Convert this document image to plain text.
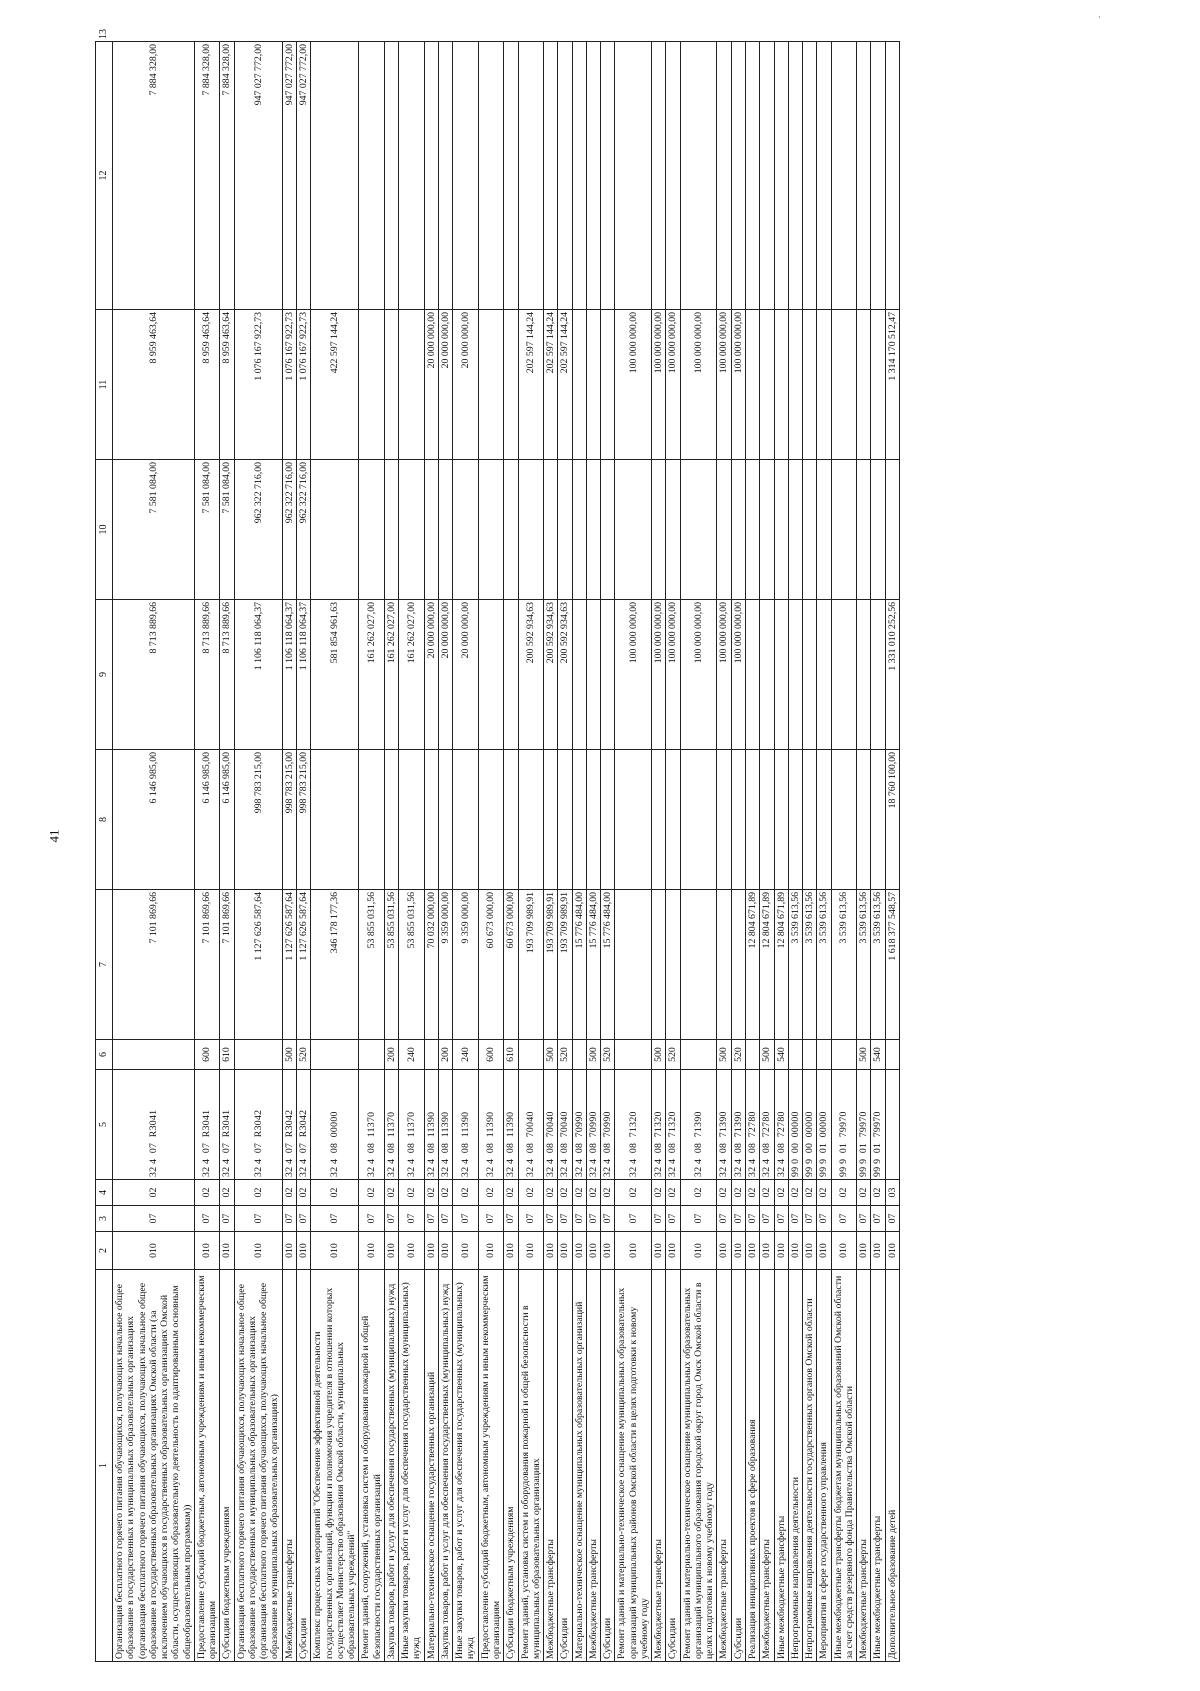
41
·
1	2	3	4	5	6	7	8	9	10	11	12	13
Организация бесплатного горячего питания обучающихся, получающих начальное общее образование в государственных и муниципальных образовательных организациях (организация бесплатного горячего питания обучающихся, получающих начальное общее образование в государственных образовательных организациях Омской области (за исключением обучающихся в государственных образовательных организациях Омской области, осуществляющих образовательную деятельность по адаптированным основным общеобразовательным программам))	010	07	02	32 4  07  R3041		7 101 869,66	6 146 985,00	8 713 889,66	7 581 084,00	8 959 463,64	7 884 328,00	
Предоставление субсидий бюджетным, автономным учреждениям и иным некоммерческим организациям	010	07	02	32 4  07  R3041	600	7 101 869,66	6 146 985,00	8 713 889,66	7 581 084,00	8 959 463,64	7 884 328,00	
Субсидии бюджетным учреждениям	010	07	02	32 4  07  R3041	610	7 101 869,66	6 146 985,00	8 713 889,66	7 581 084,00	8 959 463,64	7 884 328,00	
Организация бесплатного горячего питания обучающихся, получающих начальное общее образование в государственных и муниципальных образовательных организациях (организация бесплатного горячего питания обучающихся, получающих начальное общее образование в муниципальных образовательных организациях)	010	07	02	32 4  07  R3042		1 127 626 587,64	998 783 215,00	1 106 118 064,37	962 322 716,00	1 076 167 922,73	947 027 772,00	
Межбюджетные трансферты	010	07	02	32 4  07  R3042	500	1 127 626 587,64	998 783 215,00	1 106 118 064,37	962 322 716,00	1 076 167 922,73	947 027 772,00	
Субсидии	010	07	02	32 4  07  R3042	520	1 127 626 587,64	998 783 215,00	1 106 118 064,37	962 322 716,00	1 076 167 922,73	947 027 772,00	
Комплекс процессных мероприятий "Обеспечение эффективной деятельности государственных организаций, функции и полномочия учредителя в отношении которых осуществляет Министерство образования Омской области, муниципальных образовательных учреждений"	010	07	02	32 4  08  00000		346 178 177,36		581 854 961,63		422 597 144,24		
Ремонт зданий, сооружений, установка систем и оборудования пожарной и общей безопасности государственных организаций	010	07	02	32 4  08  11370		53 855 031,56		161 262 027,00				
Закупка товаров, работ и услуг для обеспечения государственных (муниципальных) нужд	010	07	02	32 4  08  11370	200	53 855 031,56		161 262 027,00				
Иные закупки товаров, работ и услуг для обеспечения государственных (муниципальных) нужд	010	07	02	32 4  08  11370	240	53 855 031,56		161 262 027,00				
Материально-техническое оснащение государственных организаций	010	07	02	32 4  08  11390		70 032 000,00		20 000 000,00		20 000 000,00		
Закупка товаров, работ и услуг для обеспечения государственных (муниципальных) нужд	010	07	02	32 4  08  11390	200	9 359 000,00		20 000 000,00		20 000 000,00		
Иные закупки товаров, работ и услуг для обеспечения государственных (муниципальных) нужд	010	07	02	32 4  08  11390	240	9 359 000,00		20 000 000,00		20 000 000,00		
Предоставление субсидий бюджетным, автономным учреждениям и иным некоммерческим организациям	010	07	02	32 4  08  11390	600	60 673 000,00						
Субсидии бюджетным учреждениям	010	07	02	32 4  08  11390	610	60 673 000,00						
Ремонт зданий, установка систем и оборудования пожарной и общей безопасности в муниципальных образовательных организациях	010	07	02	32 4  08  70040		193 709 989,91		200 592 934,63		202 597 144,24		
Межбюджетные трансферты	010	07	02	32 4  08  70040	500	193 709 989,91		200 592 934,63		202 597 144,24		
Субсидии	010	07	02	32 4  08  70040	520	193 709 989,91		200 592 934,63		202 597 144,24		
Материально-техническое оснащение муниципальных образовательных организаций	010	07	02	32 4  08  70990		15 776 484,00						
Межбюджетные трансферты	010	07	02	32 4  08  70990	500	15 776 484,00						
Субсидии	010	07	02	32 4  08  70990	520	15 776 484,00						
Ремонт зданий и материально-техническое оснащение муниципальных образовательных организаций муниципальных районов Омской области в целях подготовки к новому учебному году	010	07	02	32 4  08  71320				100 000 000,00		100 000 000,00		
Межбюджетные трансферты	010	07	02	32 4  08  71320	500			100 000 000,00		100 000 000,00		
Субсидии	010	07	02	32 4  08  71320	520			100 000 000,00		100 000 000,00		
Ремонт зданий и материально-техническое оснащение муниципальных образовательных организаций муниципального образования городской округ город Омск Омской области в целях подготовки к новому учебному году	010	07	02	32 4  08  71390				100 000 000,00		100 000 000,00		
Межбюджетные трансферты	010	07	02	32 4  08  71390	500			100 000 000,00		100 000 000,00		
Субсидии	010	07	02	32 4  08  71390	520			100 000 000,00		100 000 000,00		
Реализация инициативных проектов в сфере образования	010	07	02	32 4  08  72780		12 804 671,89						
Межбюджетные трансферты	010	07	02	32 4  08  72780	500	12 804 671,89						
Иные межбюджетные трансферты	010	07	02	32 4  08  72780	540	12 804 671,89						
Непрограммные направления деятельности	010	07	02	99 0  00  00000		3 539 613,56						
Непрограммные направления деятельности государственных органов Омской области	010	07	02	99 9  00  00000		3 539 613,56						
Мероприятия в сфере государственного управления	010	07	02	99 9  01  00000		3 539 613,56						
Иные межбюджетные трансферты бюджетам муниципальных образований Омской области за счет средств резервного фонда Правительства Омской области	010	07	02	99 9  01  79970		3 539 613,56						
Межбюджетные трансферты	010	07	02	99 9  01  79970	500	3 539 613,56						
Иные межбюджетные трансферты	010	07	02	99 9  01  79970	540	3 539 613,56						
Дополнительное образование детей	010	07	03			1 618 377 548,57	18 760 100,00	1 331 010 252,56		1 314 170 512,47		
